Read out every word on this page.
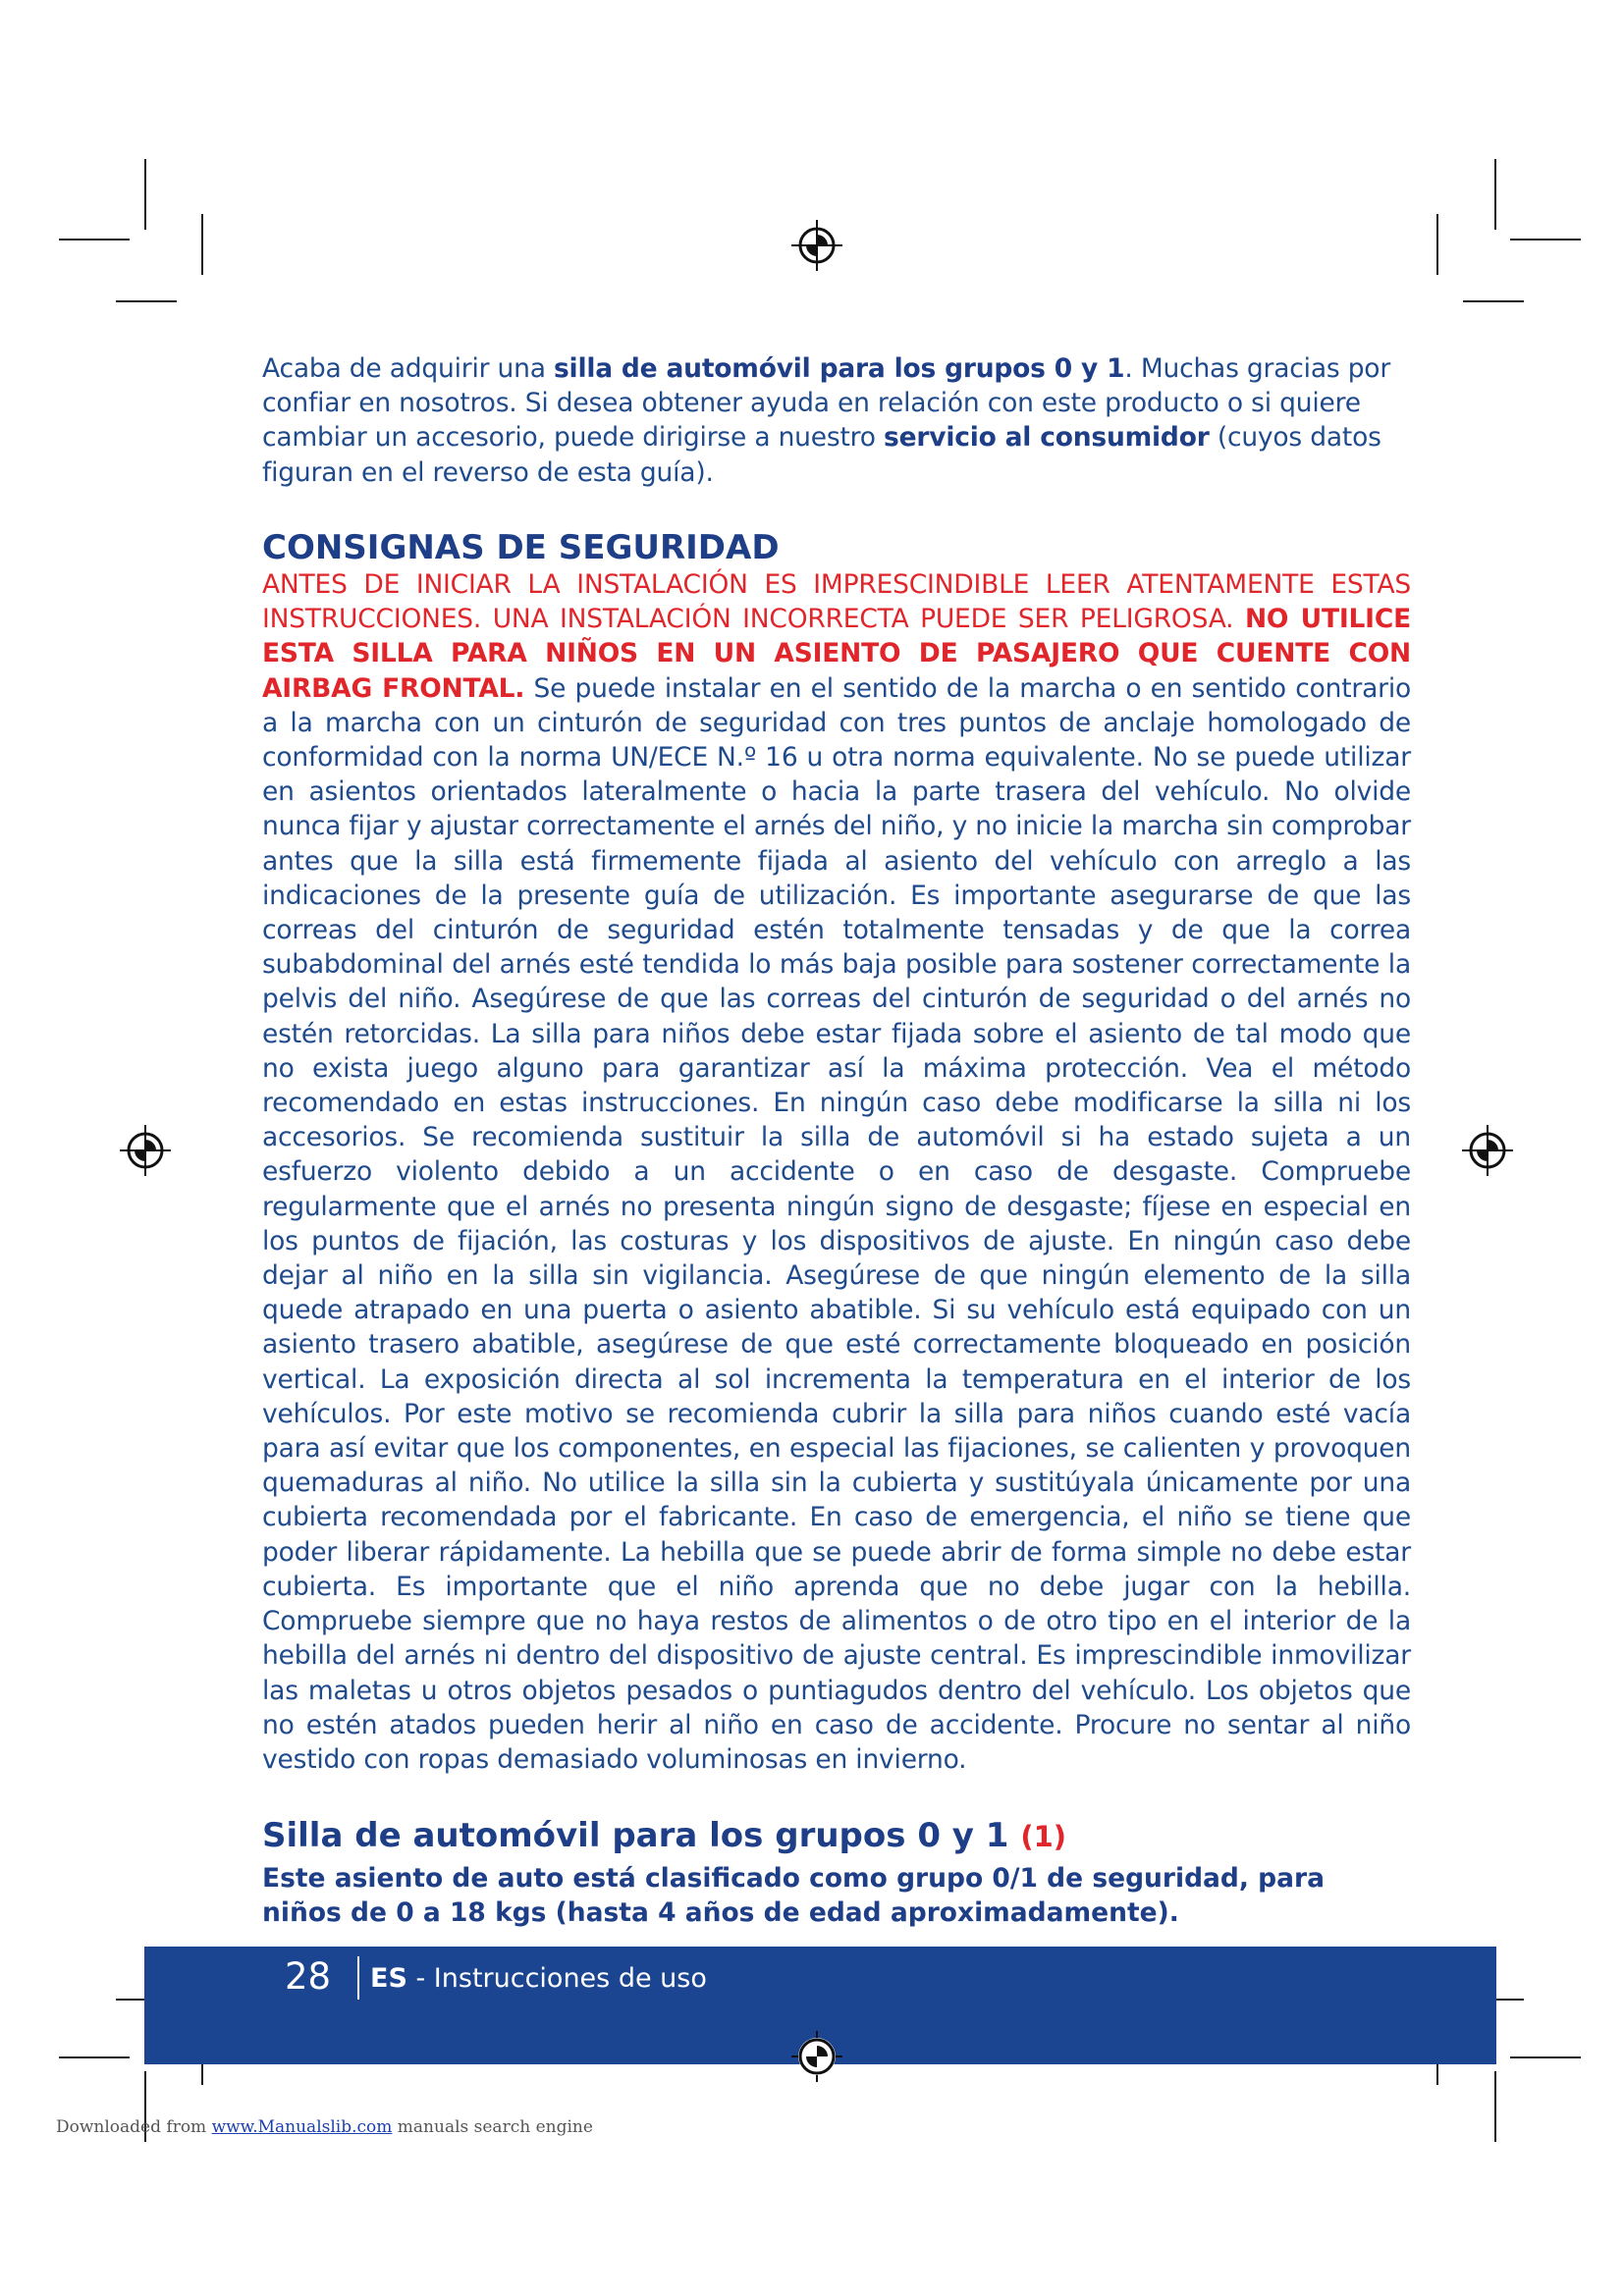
Acaba de adquirir una silla de automóvil para los grupos 0 y 1. Muchas gracias por confiar en nosotros. Si desea obtener ayuda en relación con este producto o si quiere cambiar un accesorio, puede dirigirse a nuestro servicio al consumidor (cuyos datos figuran en el reverso de esta guía).

CONSIGNAS DE SEGURIDAD

ANTES DE INICIAR LA INSTALACIÓN ES IMPRESCINDIBLE LEER ATENTAMENTE ESTAS INSTRUCCIONES. UNA INSTALACIÓN INCORRECTA PUEDE SER PELIGROSA. NO UTILICE ESTA SILLA PARA NIÑOS EN UN ASIENTO DE PASAJERO QUE CUENTE CON AIRBAG FRONTAL. Se puede instalar en el sentido de la marcha o en sentido contrario a la marcha con un cinturón de seguridad con tres puntos de anclaje homologado de conformidad con la norma UN/ECE N.º 16 u otra norma equivalente. No se puede utilizar en asientos orientados lateralmente o hacia la parte trasera del vehículo. No olvide nunca fijar y ajustar correctamente el arnés del niño, y no inicie la marcha sin comprobar antes que la silla está firmemente fijada al asiento del vehículo con arreglo a las indicaciones de la presente guía de utilización. Es importante asegurarse de que las correas del cinturón de seguridad estén totalmente tensadas y de que la correa subabdominal del arnés esté tendida lo más baja posible para sostener correctamente la pelvis del niño. Asegúrese de que las correas del cinturón de seguridad o del arnés no estén retorcidas. La silla para niños debe estar fijada sobre el asiento de tal modo que no exista juego alguno para garantizar así la máxima protección. Vea el método recomendado en estas instrucciones. En ningún caso debe modificarse la silla ni los accesorios. Se recomienda sustituir la silla de automóvil si ha estado sujeta a un esfuerzo violento debido a un accidente o en caso de desgaste. Compruebe regularmente que el arnés no presenta ningún signo de desgaste; fíjese en especial en los puntos de fijación, las costuras y los dispositivos de ajuste. En ningún caso debe dejar al niño en la silla sin vigilancia. Asegúrese de que ningún elemento de la silla quede atrapado en una puerta o asiento abatible. Si su vehículo está equipado con un asiento trasero abatible, asegúrese de que esté correctamente bloqueado en posición vertical. La exposición directa al sol incrementa la temperatura en el interior de los vehículos. Por este motivo se recomienda cubrir la silla para niños cuando esté vacía para así evitar que los componentes, en especial las fijaciones, se calienten y provoquen quemaduras al niño. No utilice la silla sin la cubierta y sustitúyala únicamente por una cubierta recomendada por el fabricante. En caso de emergencia, el niño se tiene que poder liberar rápidamente. La hebilla que se puede abrir de forma simple no debe estar cubierta. Es importante que el niño aprenda que no debe jugar con la hebilla. Compruebe siempre que no haya restos de alimentos o de otro tipo en el interior de la hebilla del arnés ni dentro del dispositivo de ajuste central. Es imprescindible inmovilizar las maletas u otros objetos pesados o puntiagudos dentro del vehículo. Los objetos que no estén atados pueden herir al niño en caso de accidente. Procure no sentar al niño vestido con ropas demasiado voluminosas en invierno.

Silla de automóvil para los grupos 0 y 1 (1)
Este asiento de auto está clasificado como grupo 0/1 de seguridad, para niños de 0 a 18 kgs (hasta 4 años de edad aproximadamente).
28 ES - Instrucciones de uso
Downloaded from www.Manualslib.com manuals search engine
